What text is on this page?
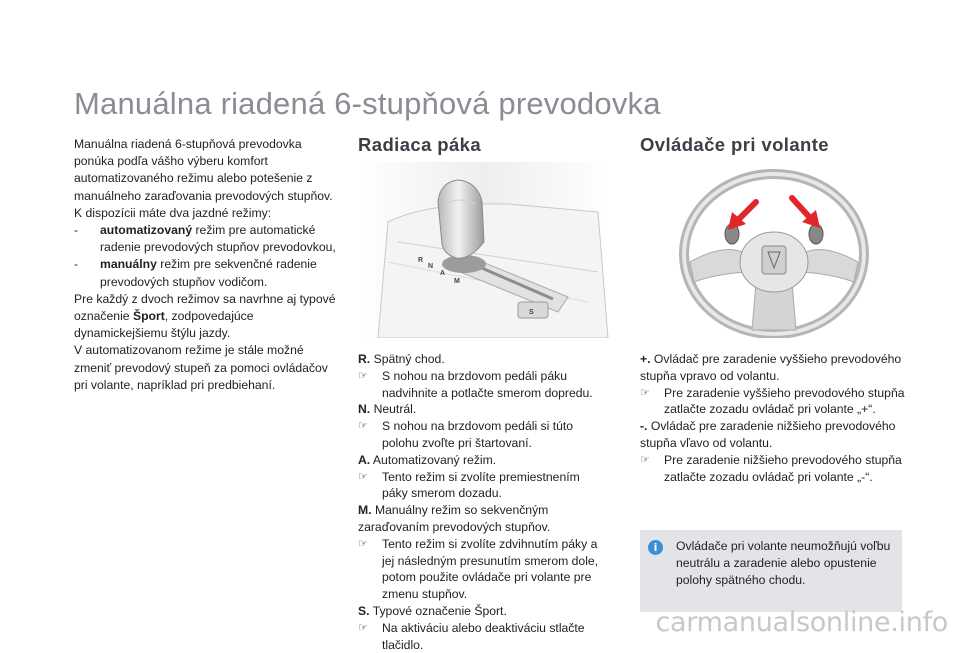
Manuálna riadená 6-stupňová prevodovka

Manuálna riadená 6-stupňová prevodovka ponúka podľa vášho výberu komfort automatizovaného režimu alebo potešenie z manuálneho zaraďovania prevodových stupňov.

K dispozícii máte dva jazdné režimy:

-	automatizovaný režim pre automatické radenie prevodových stupňov prevodovkou,
-	manuálny režim pre sekvenčné radenie prevodových stupňov vodičom.

Pre každý z dvoch režimov sa navrhne aj typové označenie Šport, zodpovedajúce dynamickejšiemu štýlu jazdy.

V automatizovanom režime je stále možné zmeniť prevodový stupeň za pomoci ovládačov pri volante, napríklad pri predbiehaní.

Radiaca páka	Ovládače pri volante
R
N
A
M
S
R. Spätný chod.
☞	S nohou na brzdovom pedáli páku nadvihnite a potlačte smerom dopredu.
N. Neutrál.
☞	S nohou na brzdovom pedáli si túto polohu zvoľte pri štartovaní.
A. Automatizovaný režim.
☞	Tento režim si zvolíte premiestnením páky smerom dozadu.
M. Manuálny režim so sekvenčným zaraďovaním prevodových stupňov.
☞	Tento režim si zvolíte zdvihnutím páky a jej následným presunutím smerom dole, potom použite ovládače pri volante pre zmenu stupňov.
S. Typové označenie Šport.
☞	Na aktiváciu alebo deaktiváciu stlačte tlačidlo.
+. Ovládač pre zaradenie vyššieho prevodového stupňa vpravo od volantu.
☞	Pre zaradenie vyššieho prevodového stupňa zatlačte zozadu ovládač pri volante „+“.
-. Ovládač pre zaradenie nižšieho prevodového stupňa vľavo od volantu.
☞	Pre zaradenie nižšieho prevodového stupňa zatlačte zozadu ovládač pri volante „-“.
i	Ovládače pri volante neumožňujú voľbu neutrálu a zaradenie alebo opustenie polohy spätného chodu.
carmanualsonline.info
